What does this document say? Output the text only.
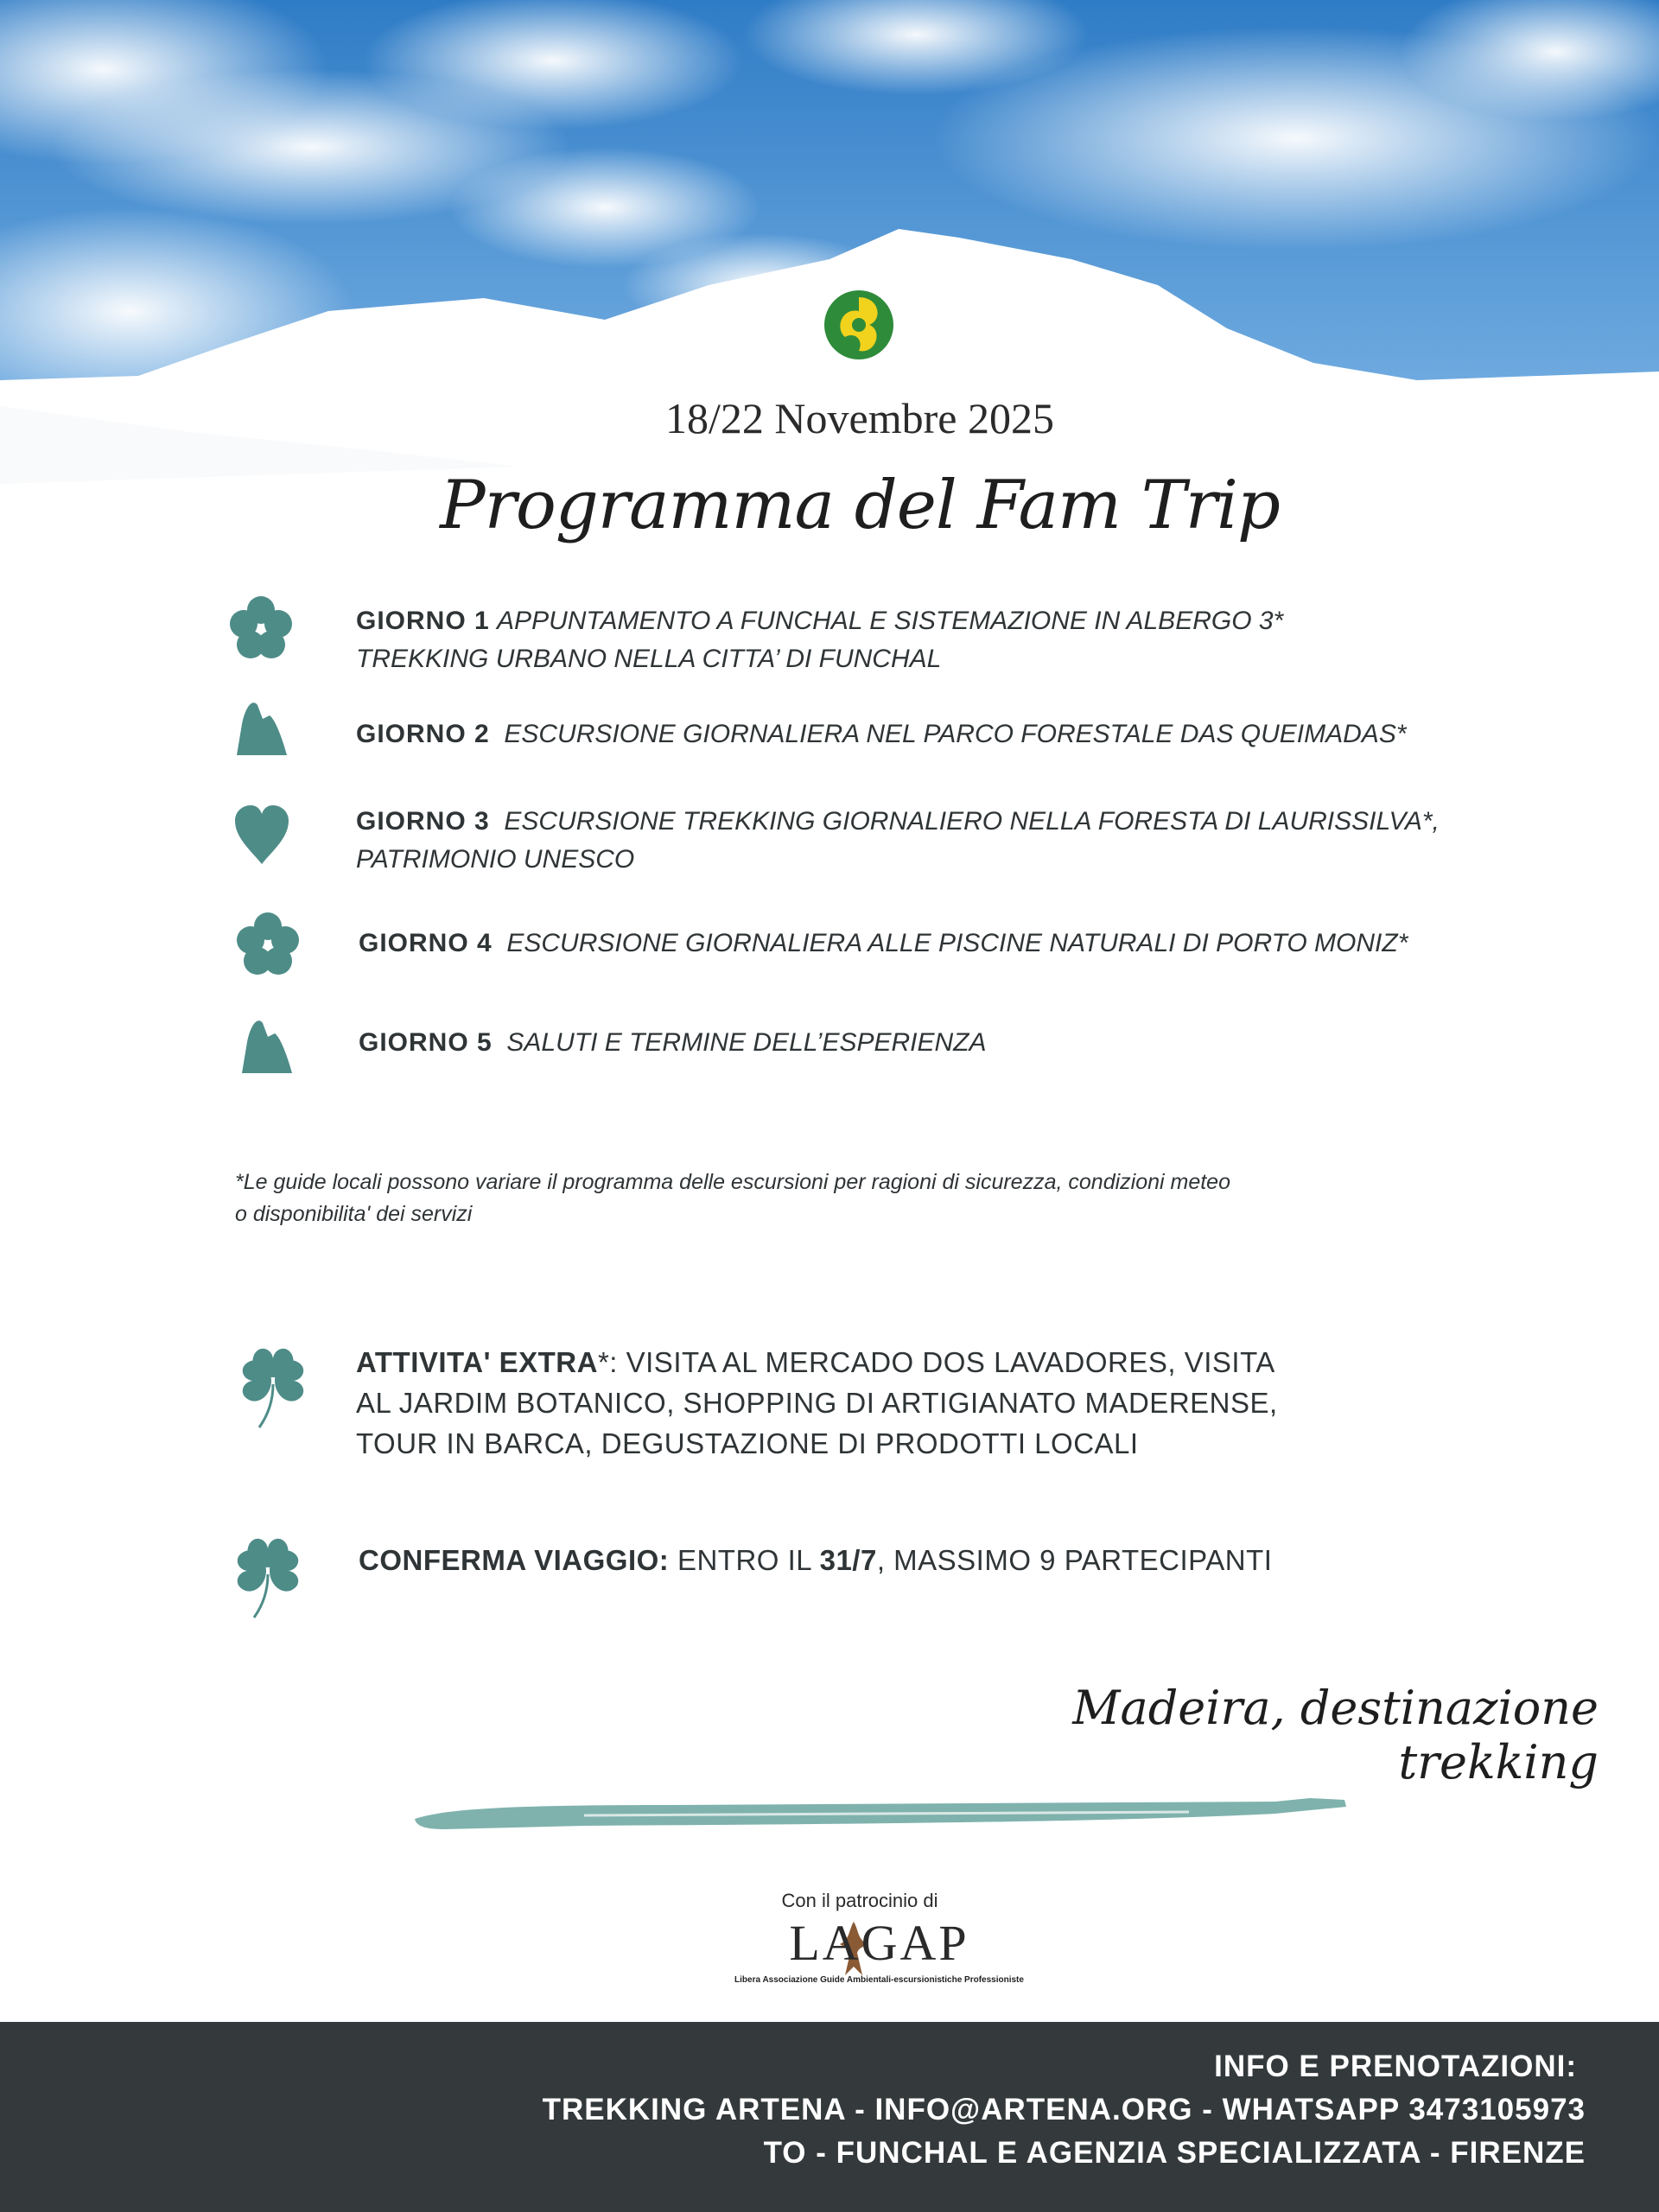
18/22 Novembre 2025
Programma del Fam Trip
GIORNO 1 APPUNTAMENTO A FUNCHAL E SISTEMAZIONE IN ALBERGO 3*
TREKKING URBANO NELLA CITTA’ DI FUNCHAL
GIORNO 2 ESCURSIONE GIORNALIERA NEL PARCO FORESTALE DAS QUEIMADAS*
GIORNO 3 ESCURSIONE TREKKING GIORNALIERO NELLA FORESTA DI LAURISSILVA*,
PATRIMONIO UNESCO
GIORNO 4 ESCURSIONE GIORNALIERA ALLE PISCINE NATURALI DI PORTO MONIZ*
GIORNO 5 SALUTI E TERMINE DELL’ESPERIENZA
*Le guide locali possono variare il programma delle escursioni per ragioni di sicurezza, condizioni meteo
o disponibilita' dei servizi
ATTIVITA' EXTRA*: VISITA AL MERCADO DOS LAVADORES, VISITA
AL JARDIM BOTANICO, SHOPPING DI ARTIGIANATO MADERENSE,
TOUR IN BARCA, DEGUSTAZIONE DI PRODOTTI LOCALI
CONFERMA VIAGGIO: ENTRO IL 31/7, MASSIMO 9 PARTECIPANTI
Madeira, destinazione trekking
Con il patrocinio di
LAGAP
Libera Associazione Guide Ambientali-escursionistiche Professioniste
INFO E PRENOTAZIONI:
TREKKING ARTENA - INFO@ARTENA.ORG - WHATSAPP 3473105973
TO - FUNCHAL E AGENZIA SPECIALIZZATA - FIRENZE
